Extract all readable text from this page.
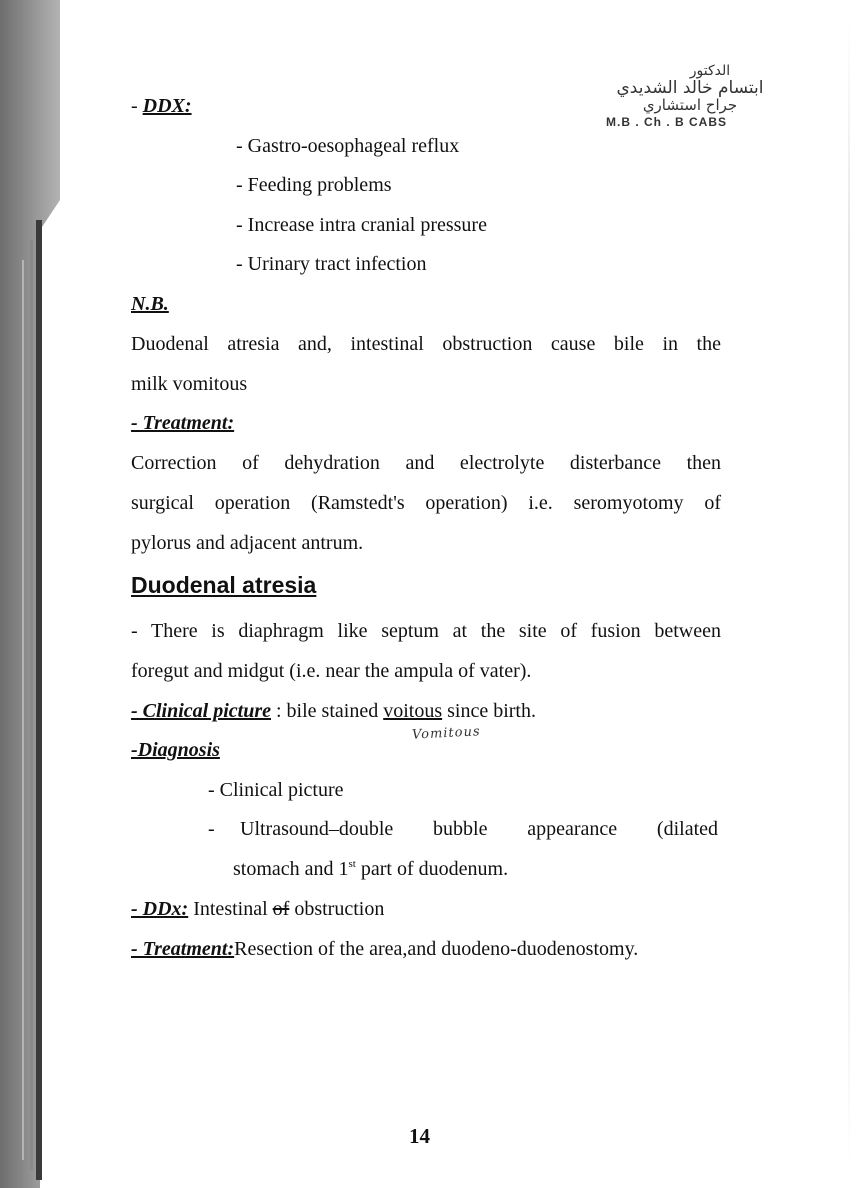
الدكتور
ابتسام خالد الشديدي
جراح استشاري
M.B . Ch . B CABS
- DDX:
- Gastro-oesophageal reflux
- Feeding problems
- Increase intra cranial pressure
- Urinary tract infection
N.B.
Duodenal atresia and, intestinal obstruction cause bile in the
milk vomitous
- Treatment:
Correction of dehydration and electrolyte disterbance then
surgical operation (Ramstedt's operation) i.e. seromyotomy of
pylorus and adjacent antrum.
Duodenal atresia
- There is diaphragm like septum at the site of fusion between
foregut and midgut (i.e. near the ampula of vater).
- Clinical picture : bile stained voitous since birth.
Vomitous
-Diagnosis
- Clinical picture
- Ultrasound–double bubble appearance (dilated
stomach and 1st part of duodenum.
- DDx: Intestinal of obstruction
- Treatment:Resection of the area,and duodeno-duodenostomy.
14
